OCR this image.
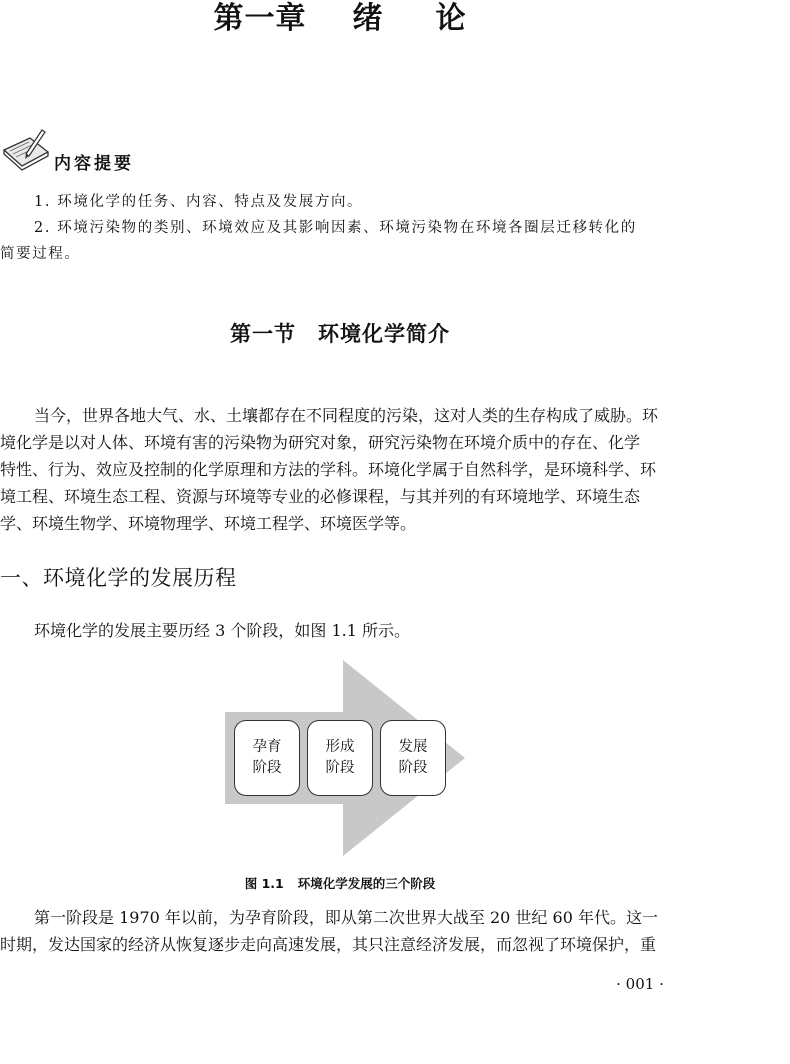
第一章 绪 论
内容提要
1. 环境化学的任务、内容、特点及发展方向。
2. 环境污染物的类别、环境效应及其影响因素、环境污染物在环境各圈层迁移转化的
简要过程。
第一节　环境化学简介
当今，世界各地大气、水、土壤都存在不同程度的污染，这对人类的生存构成了威胁。环
境化学是以对人体、环境有害的污染物为研究对象，研究污染物在环境介质中的存在、化学
特性、行为、效应及控制的化学原理和方法的学科。环境化学属于自然科学，是环境科学、环
境工程、环境生态工程、资源与环境等专业的必修课程，与其并列的有环境地学、环境生态
学、环境生物学、环境物理学、环境工程学、环境医学等。
一、环境化学的发展历程
环境化学的发展主要历经 3 个阶段，如图 1.1 所示。
孕育
阶段
形成
阶段
发展
阶段
图 1.1 环境化学发展的三个阶段
第一阶段是 1970 年以前，为孕育阶段，即从第二次世界大战至 20 世纪 60 年代。这一
时期，发达国家的经济从恢复逐步走向高速发展，其只注意经济发展，而忽视了环境保护，重
· 001 ·
